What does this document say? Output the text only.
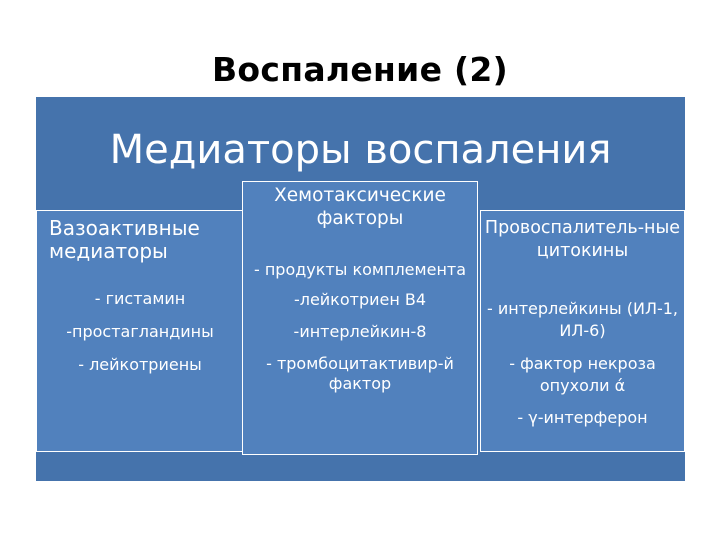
Воспаление (2)
Медиаторы воспаления
Вазоактивные медиаторы
- гистамин
-простагландины
- лейкотриены
Хемотаксические факторы
- продукты комплемента
-лейкотриен В4
-интерлейкин-8
- тромбоцитактивир-й фактор
Провоспалитель-ные цитокины
- интерлейкины (ИЛ-1, ИЛ-6)
- фактор некроза опухоли ά
- γ-интерферон
